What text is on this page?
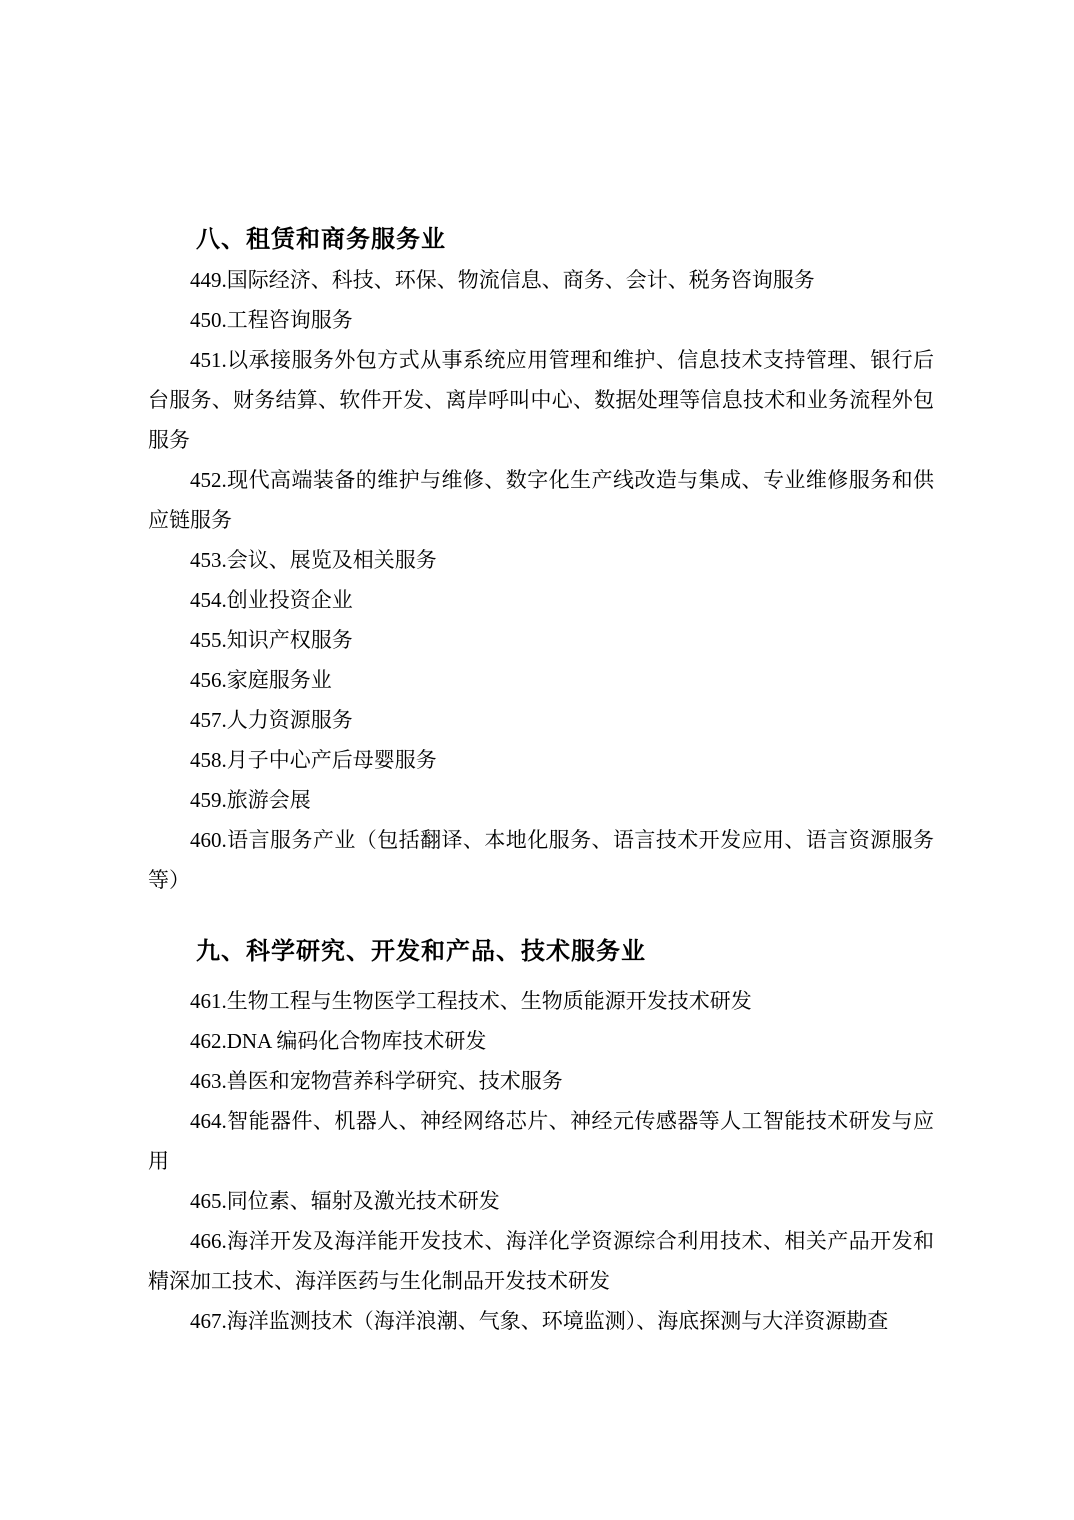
八、租赁和商务服务业

449.国际经济、科技、环保、物流信息、商务、会计、税务咨询服务

450.工程咨询服务

451.以承接服务外包方式从事系统应用管理和维护、信息技术支持管理、银行后台服务、财务结算、软件开发、离岸呼叫中心、数据处理等信息技术和业务流程外包服务

452.现代高端装备的维护与维修、数字化生产线改造与集成、专业维修服务和供应链服务

453.会议、展览及相关服务

454.创业投资企业

455.知识产权服务

456.家庭服务业

457.人力资源服务

458.月子中心产后母婴服务

459.旅游会展

460.语言服务产业（包括翻译、本地化服务、语言技术开发应用、语言资源服务等）

九、科学研究、开发和产品、技术服务业

461.生物工程与生物医学工程技术、生物质能源开发技术研发

462.DNA 编码化合物库技术研发

463.兽医和宠物营养科学研究、技术服务

464.智能器件、机器人、神经网络芯片、神经元传感器等人工智能技术研发与应用

465.同位素、辐射及激光技术研发

466.海洋开发及海洋能开发技术、海洋化学资源综合利用技术、相关产品开发和精深加工技术、海洋医药与生化制品开发技术研发

467.海洋监测技术（海洋浪潮、气象、环境监测）、海底探测与大洋资源勘查
